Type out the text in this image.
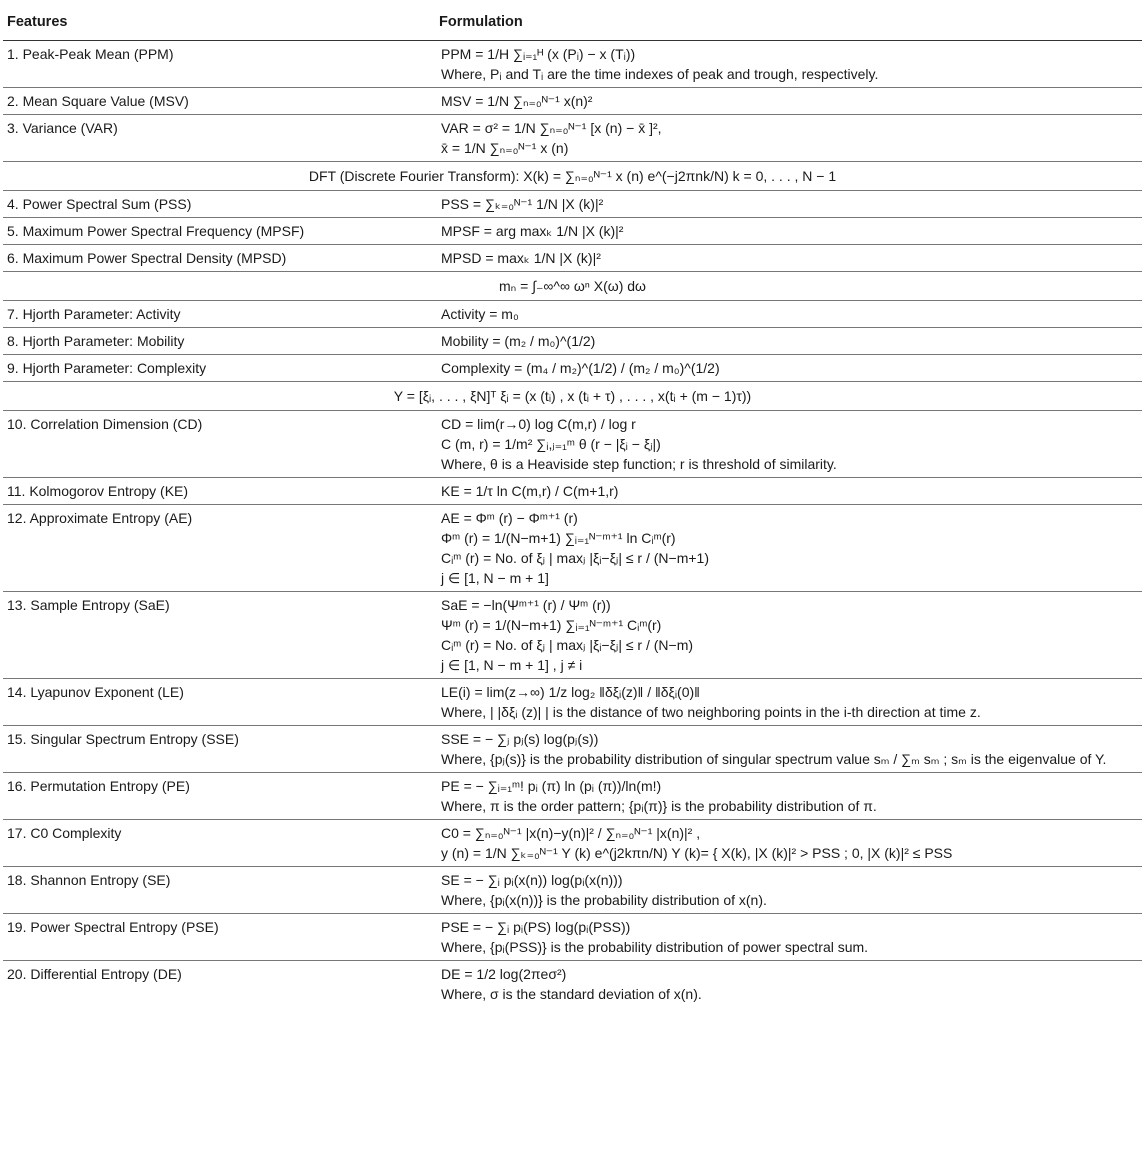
Features	Formulation
1. Peak-Peak Mean (PPM)	PPM = 1/H ∑ᵢ₌₁ᴴ (x (Pᵢ) − x (Tᵢ))
Where, Pᵢ and Tᵢ are the time indexes of peak and trough, respectively.

2. Mean Square Value (MSV)	MSV = 1/N ∑ₙ₌₀ᴺ⁻¹ x(n)²

3. Variance (VAR)	VAR = σ² = 1/N ∑ₙ₌₀ᴺ⁻¹ [x (n) − x̄ ]²,
x̄ = 1/N ∑ₙ₌₀ᴺ⁻¹ x (n)

DFT (Discrete Fourier Transform): X(k) = ∑ₙ₌₀ᴺ⁻¹ x (n) e^(−j2πnk/N) k = 0, . . . , N − 1	
4. Power Spectral Sum (PSS)	PSS = ∑ₖ₌₀ᴺ⁻¹ 1/N |X (k)|²

5. Maximum Power Spectral Frequency (MPSF)	MPSF = arg maxₖ 1/N |X (k)|²

6. Maximum Power Spectral Density (MPSD)	MPSD = maxₖ 1/N |X (k)|²

mₙ = ∫₋∞^∞ ωⁿ X(ω) dω	
7. Hjorth Parameter: Activity	Activity = m₀

8. Hjorth Parameter: Mobility	Mobility = (m₂ / m₀)^(1/2)

9. Hjorth Parameter: Complexity	Complexity = (m₄ / m₂)^(1/2) / (m₂ / m₀)^(1/2)

Y = [ξᵢ, . . . , ξN]ᵀ ξᵢ = (x (tᵢ) , x (tᵢ + τ) , . . . , x(tᵢ + (m − 1)τ))	
10. Correlation Dimension (CD)	CD = lim(r→0) log C(m,r) / log r
C (m, r) = 1/m² ∑ᵢ,ⱼ₌₁ᵐ θ (r − |ξᵢ − ξⱼ|)
Where, θ is a Heaviside step function; r is threshold of similarity.

11. Kolmogorov Entropy (KE)	KE = 1/τ ln C(m,r) / C(m+1,r)

12. Approximate Entropy (AE)	AE = Φᵐ (r) − Φᵐ⁺¹ (r)
Φᵐ (r) = 1/(N−m+1) ∑ᵢ₌₁ᴺ⁻ᵐ⁺¹ ln Cᵢᵐ(r)
Cᵢᵐ (r) = No. of ξⱼ | maxⱼ |ξᵢ−ξⱼ| ≤ r / (N−m+1)
j ∈ [1, N − m + 1]

13. Sample Entropy (SaE)	SaE = −ln(Ψᵐ⁺¹ (r) / Ψᵐ (r))
Ψᵐ (r) = 1/(N−m+1) ∑ᵢ₌₁ᴺ⁻ᵐ⁺¹ Cᵢᵐ(r)
Cᵢᵐ (r) = No. of ξⱼ | maxⱼ |ξᵢ−ξⱼ| ≤ r / (N−m)
j ∈ [1, N − m + 1] , j ≠ i

14. Lyapunov Exponent (LE)	LE(i) = lim(z→∞) 1/z log₂ ‖δξᵢ(z)‖ / ‖δξᵢ(0)‖
Where, | |δξᵢ (z)| | is the distance of two neighboring points in the i-th direction at time z.

15. Singular Spectrum Entropy (SSE)	SSE = − ∑ⱼ pⱼ(s) log(pⱼ(s))
Where, {pⱼ(s)} is the probability distribution of singular spectrum value sₘ / ∑ₘ sₘ ; sₘ is the eigenvalue of Y.

16. Permutation Entropy (PE)	PE = − ∑ᵢ₌₁ᵐ! pᵢ (π) ln (pᵢ (π))/ln(m!)
Where, π is the order pattern; {pᵢ(π)} is the probability distribution of π.

17. C0 Complexity	C0 = ∑ₙ₌₀ᴺ⁻¹ |x(n)−y(n)|² / ∑ₙ₌₀ᴺ⁻¹ |x(n)|² ,
y (n) = 1/N ∑ₖ₌₀ᴺ⁻¹ Y (k) e^(j2kπn/N) Y (k)= { X(k), |X (k)|² > PSS ; 0, |X (k)|² ≤ PSS

18. Shannon Entropy (SE)	SE = − ∑ᵢ pᵢ(x(n)) log(pᵢ(x(n)))
Where, {pᵢ(x(n))} is the probability distribution of x(n).

19. Power Spectral Entropy (PSE)	PSE = − ∑ᵢ pᵢ(PS) log(pᵢ(PSS))
Where, {pᵢ(PSS)} is the probability distribution of power spectral sum.

20. Differential Entropy (DE)	DE = 1/2 log(2πeσ²)
Where, σ is the standard deviation of x(n).
